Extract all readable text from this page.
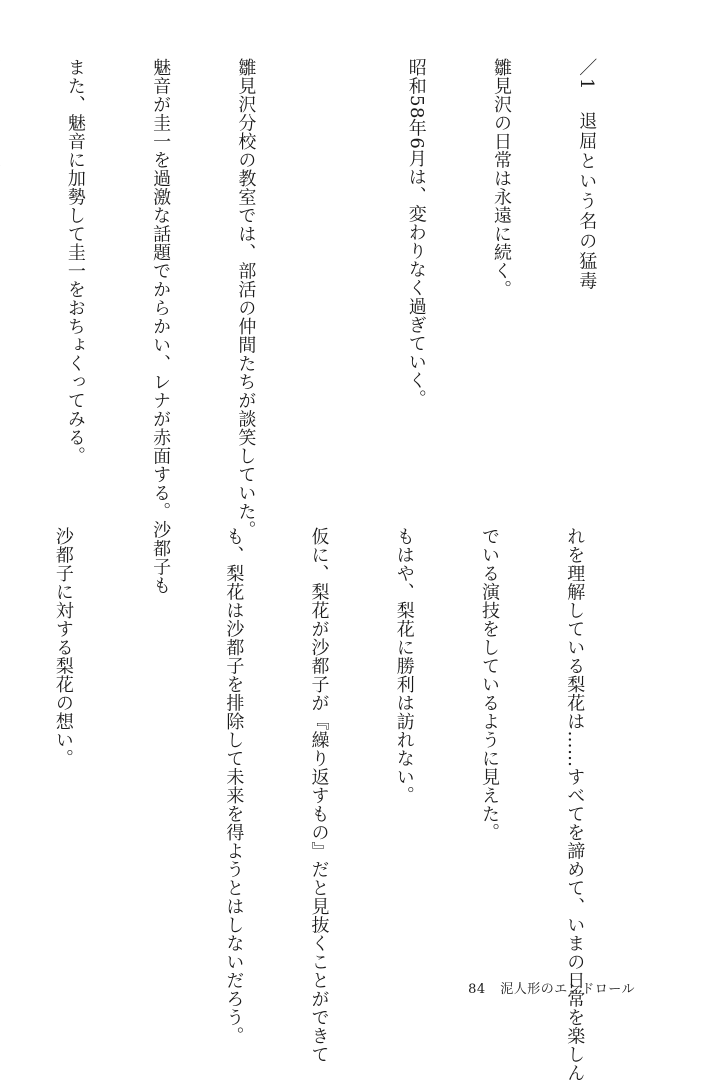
／1　退屈という名の猛毒

雛見沢の日常は永遠に続く。

昭和58年6月は、変わりなく過ぎていく。

雛見沢分校の教室では、部活の仲間たちが談笑していた。

魅音が圭一を過激な話題でからかい、レナが赤面する。沙都子も

また、魅音に加勢して圭一をおちょくってみる。

れを理解している梨花は……すべてを諦めて、いまの日常を楽しん

でいる演技をしているように見えた。

もはや、梨花に勝利は訪れない。

仮に、梨花が沙都子が『繰り返すもの』だと見抜くことができて

も、梨花は沙都子を排除して未来を得ようとはしないだろう。

沙都子に対する梨花の想い。

84 泥人形のエンドロール
